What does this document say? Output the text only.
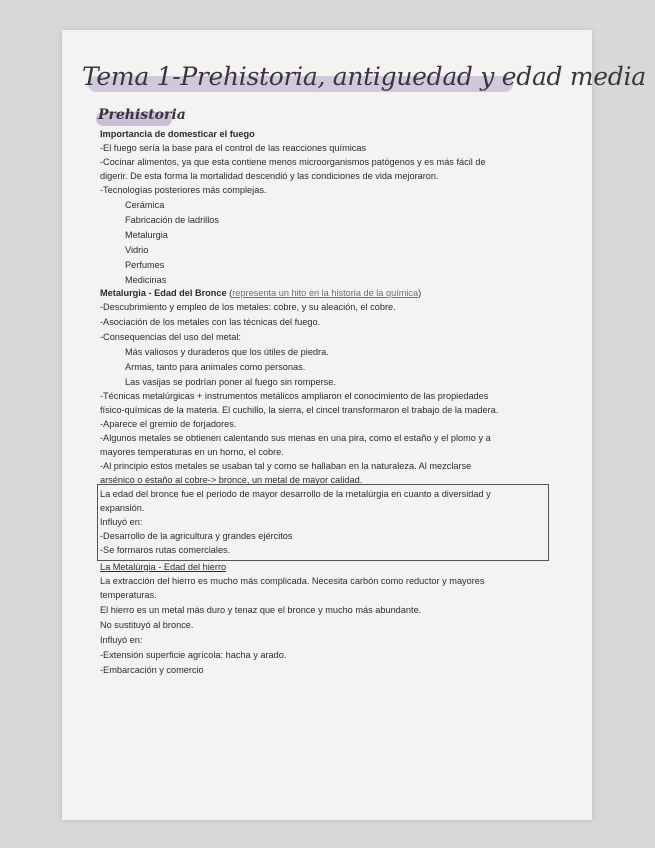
Tema 1-Prehistoria, antiguedad y edad media
Prehistoria
Importancia de domesticar el fuego
-El fuego sería la base para el control de las reacciones químicas
-Cocinar alimentos, ya que esta contiene menos microorganismos patógenos y es más fácil de
digerir. De esta forma la mortalidad descendió y las condiciones de vida mejoraron.
-Tecnologías posteriores más complejas.
Cerámica
Fabricación de ladrillos
Metalurgia
Vidrio
Perfumes
Medicinas
Metalurgia - Edad del Bronce (representa un hito en la historia de la química)
-Descubrimiento y empleo de los metales: cobre, y su aleación, el cobre.
-Asociación de los metales con las técnicas del fuego.
-Consequencias del uso del metal:
Más valiosos y duraderos que los útiles de piedra.
Armas, tanto para animales como personas.
Las vasijas se podrían poner al fuego sin romperse.
-Técnicas metalúrgicas + instrumentos metálicos ampliaron el conocimiento de las propiedades
físico-químicas de la materia. El cuchillo, la sierra, el cincel transformaron el trabajo de la madera.
-Aparece el gremio de forjadores.
-Algunos metales se obtienen calentando sus menas en una pira, como el estaño y el plomo y a
mayores temperaturas en un horno, el cobre.
-Al principio estos metales se usaban tal y como se hallaban en la naturaleza. Al mezclarse
arsénico o estaño al cobre-> bronce, un metal de mayor calidad.
La edad del bronce fue el periodo de mayor desarrollo de la metalúrgia en cuanto a diversidad y
expansión.
Influyó en:
-Desarrollo de la agricultura y grandes ejércitos
-Se formaros rutas comerciales.
La Metalúrgia - Edad del hierro
La extracción del hierro es mucho más complicada. Necesita carbón como reductor y mayores
temperaturas.
El hierro es un metal más duro y tenaz que el bronce y mucho más abundante.
No sustituyó al bronce.
Influyó en:
-Extensión superficie agrícola: hacha y arado.
-Embarcación y comercio
